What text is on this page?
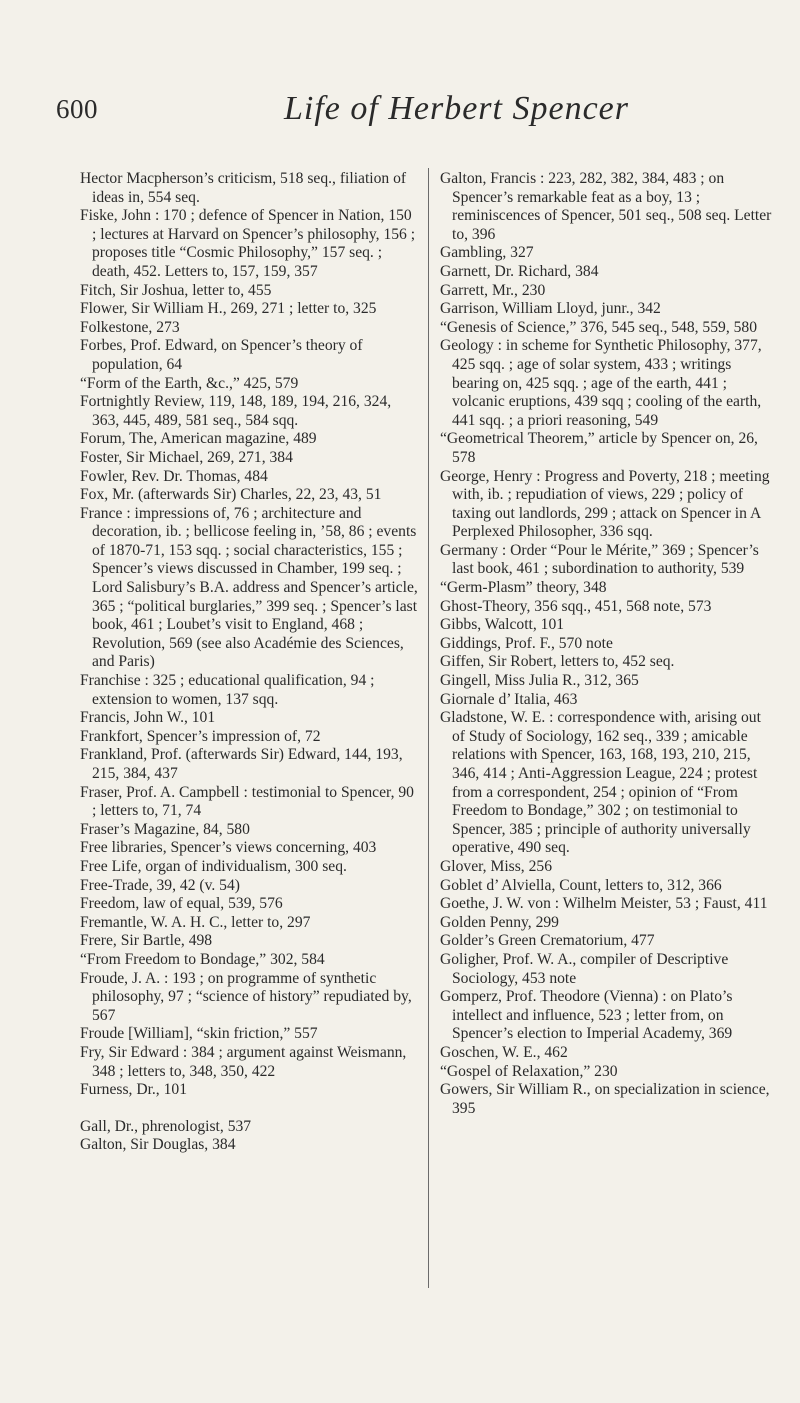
600	Life of Herbert Spencer
Hector Macpherson’s criticism, 518 seq., filiation of ideas in, 554 seq.
Fiske, John : 170 ; defence of Spencer in Nation, 150 ; lectures at Harvard on Spencer’s philosophy, 156 ; proposes title “Cosmic Philosophy,” 157 seq. ; death, 452. Letters to, 157, 159, 357
Fitch, Sir Joshua, letter to, 455
Flower, Sir William H., 269, 271 ; letter to, 325
Folkestone, 273
Forbes, Prof. Edward, on Spencer’s theory of population, 64
“Form of the Earth, &c.,” 425, 579
Fortnightly Review, 119, 148, 189, 194, 216, 324, 363, 445, 489, 581 seq., 584 sqq.
Forum, The, American magazine, 489
Foster, Sir Michael, 269, 271, 384
Fowler, Rev. Dr. Thomas, 484
Fox, Mr. (afterwards Sir) Charles, 22, 23, 43, 51
France : impressions of, 76 ; architecture and decoration, ib. ; bellicose feeling in, ’58, 86 ; events of 1870-71, 153 sqq. ; social characteristics, 155 ; Spencer’s views discussed in Chamber, 199 seq. ; Lord Salisbury’s B.A. address and Spencer’s article, 365 ; “political burglaries,” 399 seq. ; Spencer’s last book, 461 ; Loubet’s visit to England, 468 ; Revolution, 569 (see also Académie des Sciences, and Paris)
Franchise : 325 ; educational qualification, 94 ; extension to women, 137 sqq.
Francis, John W., 101
Frankfort, Spencer’s impression of, 72
Frankland, Prof. (afterwards Sir) Edward, 144, 193, 215, 384, 437
Fraser, Prof. A. Campbell : testimonial to Spencer, 90 ; letters to, 71, 74
Fraser’s Magazine, 84, 580
Free libraries, Spencer’s views concerning, 403
Free Life, organ of individualism, 300 seq.
Free-Trade, 39, 42 (v. 54)
Freedom, law of equal, 539, 576
Fremantle, W. A. H. C., letter to, 297
Frere, Sir Bartle, 498
“From Freedom to Bondage,” 302, 584
Froude, J. A. : 193 ; on programme of synthetic philosophy, 97 ; “science of history” repudiated by, 567
Froude [William], “skin friction,” 557
Fry, Sir Edward : 384 ; argument against Weismann, 348 ; letters to, 348, 350, 422
Furness, Dr., 101
Gall, Dr., phrenologist, 537
Galton, Sir Douglas, 384
Galton, Francis : 223, 282, 382, 384, 483 ; on Spencer’s remarkable feat as a boy, 13 ; reminiscences of Spencer, 501 seq., 508 seq. Letter to, 396
Gambling, 327
Garnett, Dr. Richard, 384
Garrett, Mr., 230
Garrison, William Lloyd, junr., 342
“Genesis of Science,” 376, 545 seq., 548, 559, 580
Geology : in scheme for Synthetic Philosophy, 377, 425 sqq. ; age of solar system, 433 ; writings bearing on, 425 sqq. ; age of the earth, 441 ; volcanic eruptions, 439 sqq ; cooling of the earth, 441 sqq. ; a priori reasoning, 549
“Geometrical Theorem,” article by Spencer on, 26, 578
George, Henry : Progress and Poverty, 218 ; meeting with, ib. ; repudiation of views, 229 ; policy of taxing out landlords, 299 ; attack on Spencer in A Perplexed Philosopher, 336 sqq.
Germany : Order “Pour le Mérite,” 369 ; Spencer’s last book, 461 ; subordination to authority, 539
“Germ-Plasm” theory, 348
Ghost-Theory, 356 sqq., 451, 568 note, 573
Gibbs, Walcott, 101
Giddings, Prof. F., 570 note
Giffen, Sir Robert, letters to, 452 seq.
Gingell, Miss Julia R., 312, 365
Giornale d’ Italia, 463
Gladstone, W. E. : correspondence with, arising out of Study of Sociology, 162 seq., 339 ; amicable relations with Spencer, 163, 168, 193, 210, 215, 346, 414 ; Anti-Aggression League, 224 ; protest from a correspondent, 254 ; opinion of “From Freedom to Bondage,” 302 ; on testimonial to Spencer, 385 ; principle of authority universally operative, 490 seq.
Glover, Miss, 256
Goblet d’ Alviella, Count, letters to, 312, 366
Goethe, J. W. von : Wilhelm Meister, 53 ; Faust, 411
Golden Penny, 299
Golder’s Green Crematorium, 477
Goligher, Prof. W. A., compiler of Descriptive Sociology, 453 note
Gomperz, Prof. Theodore (Vienna) : on Plato’s intellect and influence, 523 ; letter from, on Spencer’s election to Imperial Academy, 369
Goschen, W. E., 462
“Gospel of Relaxation,” 230
Gowers, Sir William R., on specialization in science, 395
